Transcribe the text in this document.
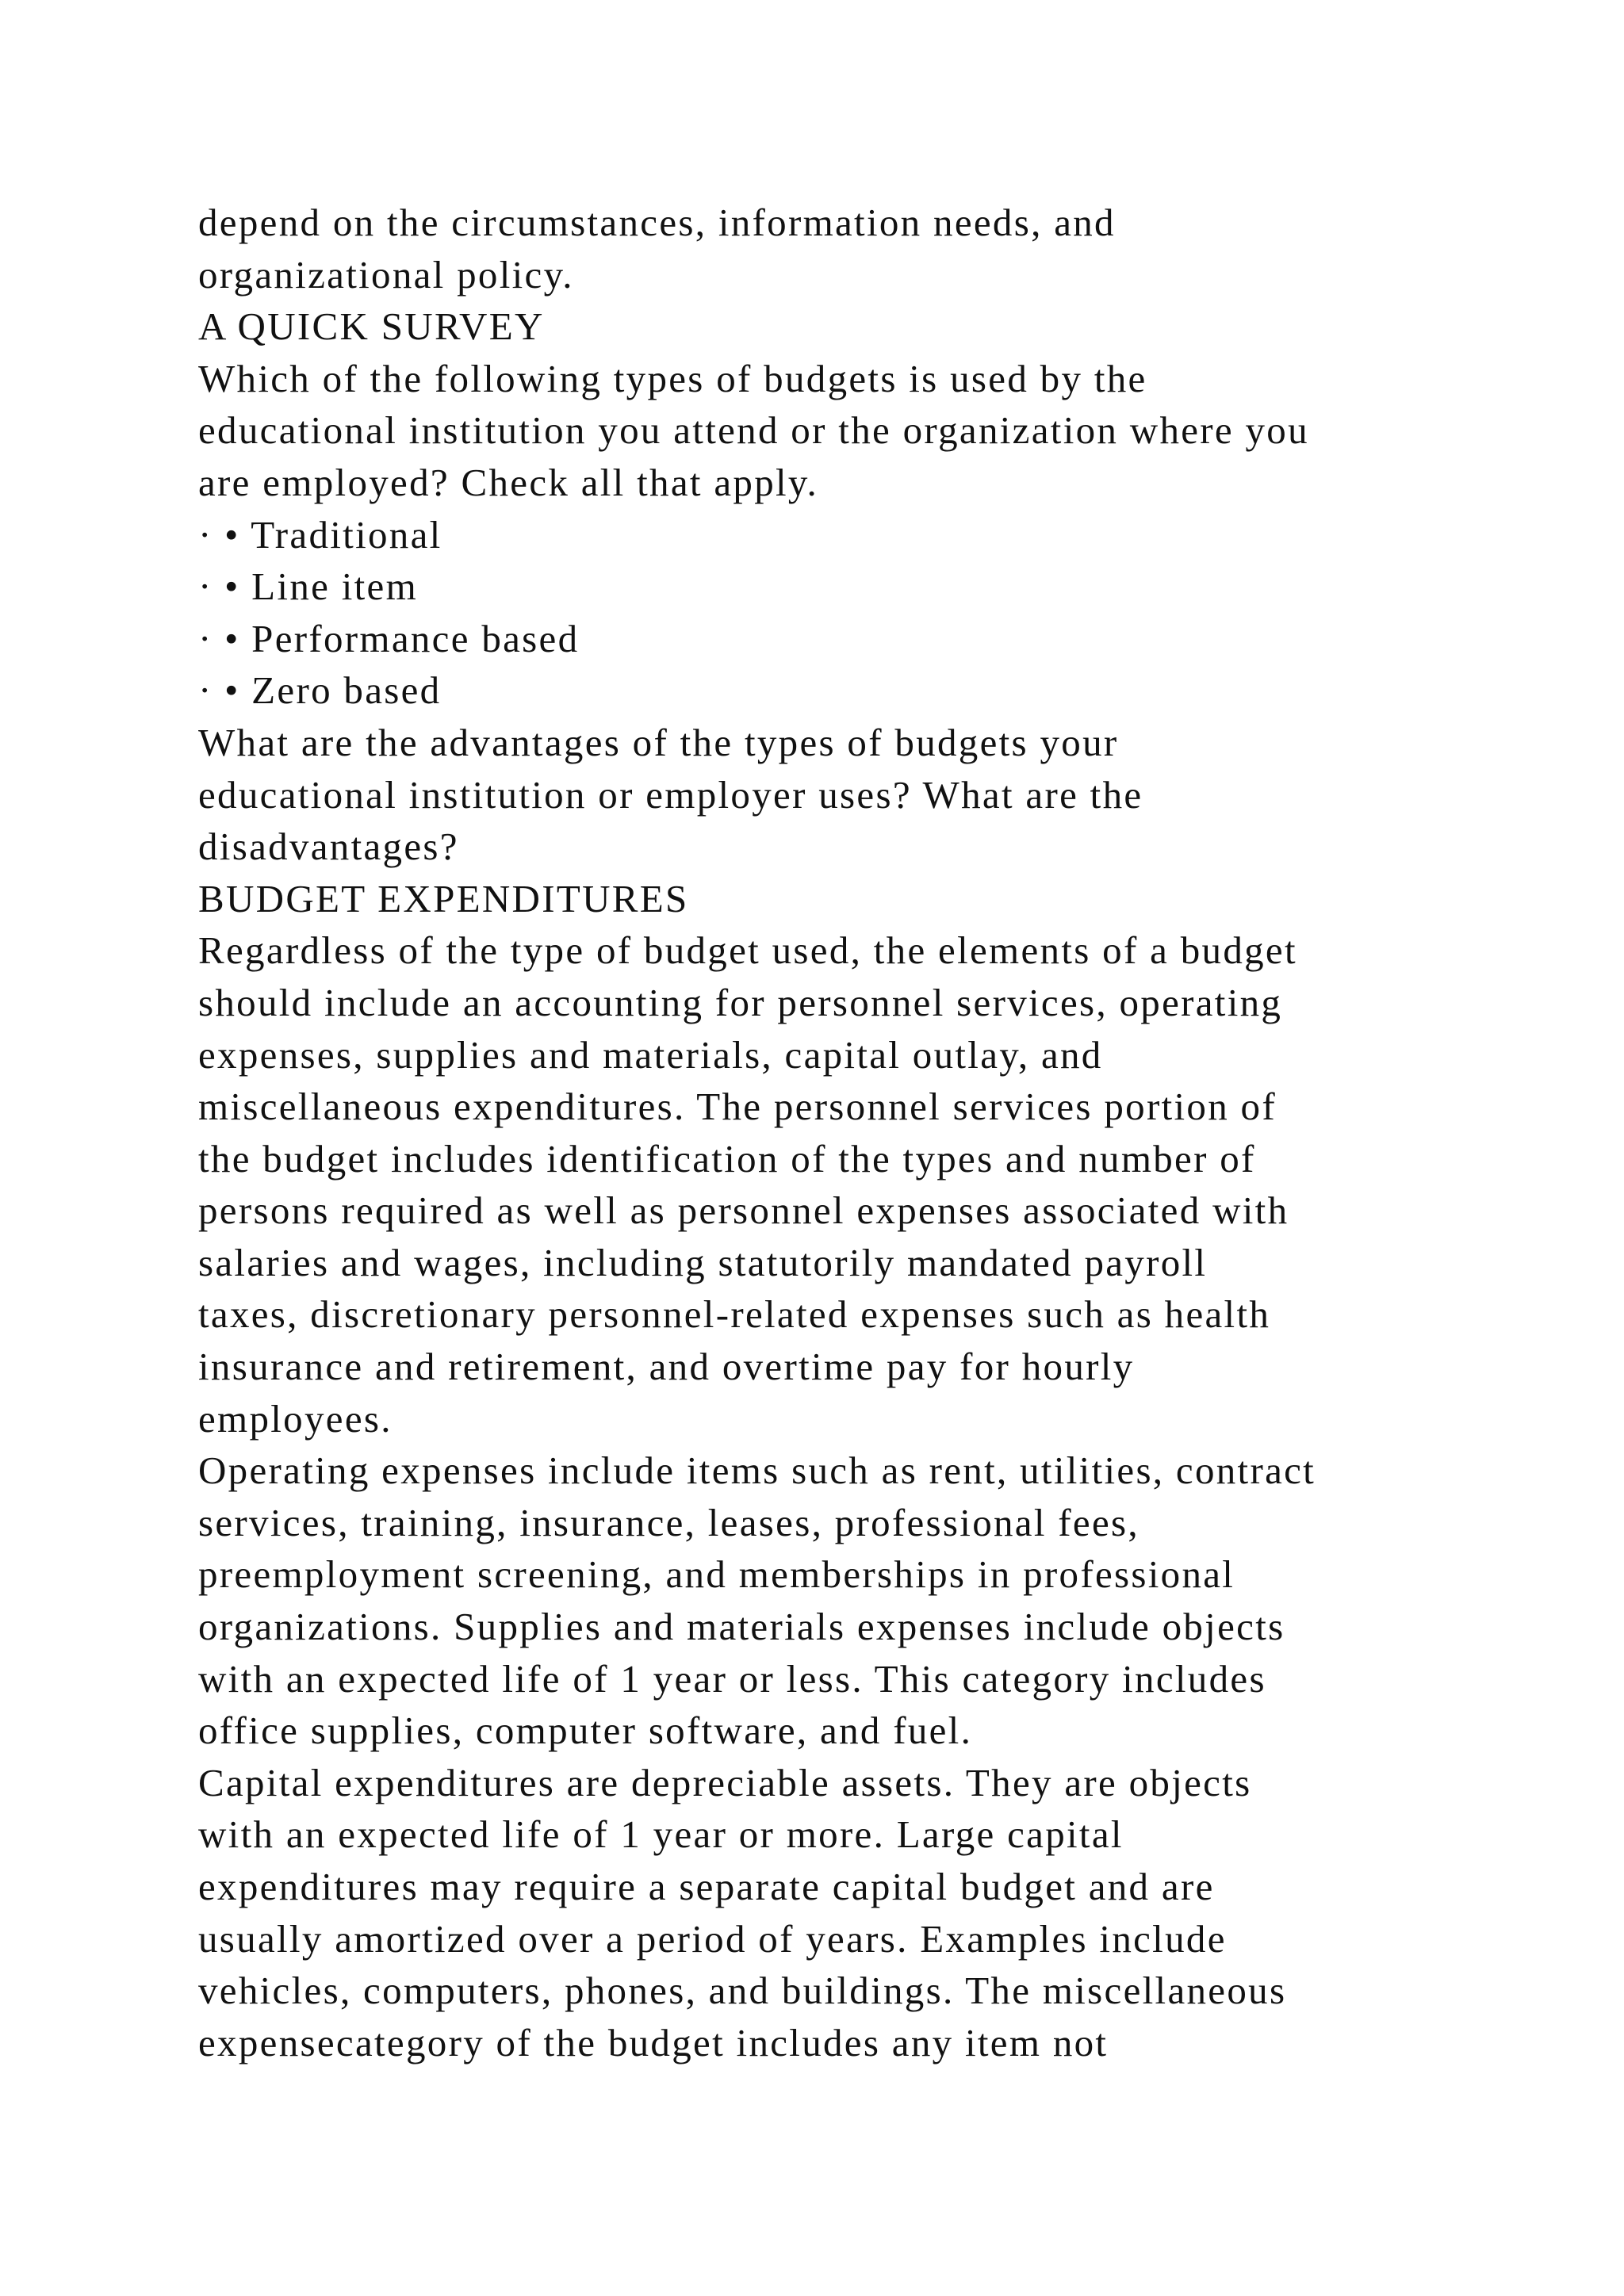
depend on the circumstances, information needs, and
organizational policy.
A QUICK SURVEY
Which of the following types of budgets is used by the
educational institution you attend or the organization where you
are employed? Check all that apply.
· • Traditional
· • Line item
· • Performance based
· • Zero based
What are the advantages of the types of budgets your
educational institution or employer uses? What are the
disadvantages?
BUDGET EXPENDITURES
Regardless of the type of budget used, the elements of a budget
should include an accounting for personnel services, operating
expenses, supplies and materials, capital outlay, and
miscellaneous expenditures. The personnel services portion of
the budget includes identification of the types and number of
persons required as well as personnel expenses associated with
salaries and wages, including statutorily mandated payroll
taxes, discretionary personnel-related expenses such as health
insurance and retirement, and overtime pay for hourly
employees.
Operating expenses include items such as rent, utilities, contract
services, training, insurance, leases, professional fees,
preemployment screening, and memberships in professional
organizations. Supplies and materials expenses include objects
with an expected life of 1 year or less. This category includes
office supplies, computer software, and fuel.
Capital expenditures are depreciable assets. They are objects
with an expected life of 1 year or more. Large capital
expenditures may require a separate capital budget and are
usually amortized over a period of years. Examples include
vehicles, computers, phones, and buildings. The miscellaneous
expensecategory of the budget includes any item not
